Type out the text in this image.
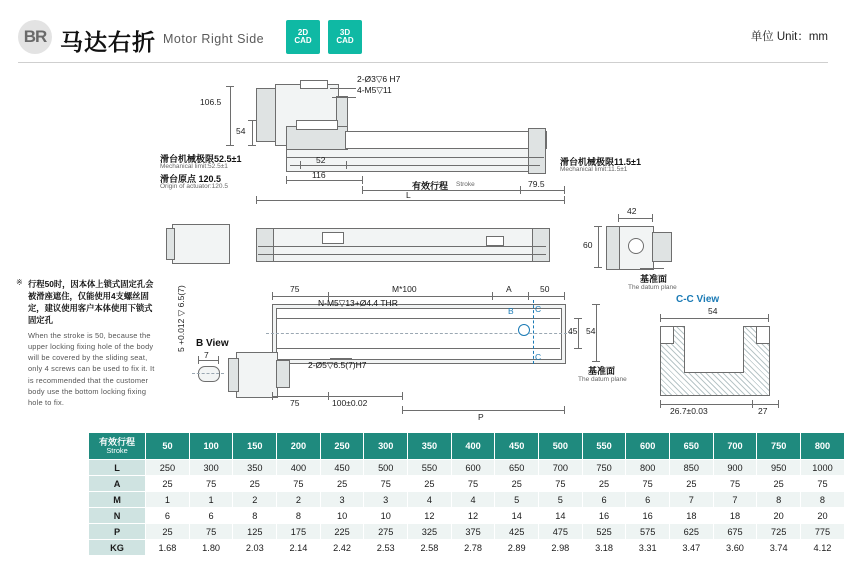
BR 马达右折 Motor Right Side	2D
CAD
3D
CAD	单位 Unit：mm
※ 行程50时，因本体上锁式固定孔会被滑座遮住，仅能使用4支螺丝固定，建议使用客户本体使用下锁式固定孔
When the stroke is 50, because the upper locking fixing hole of the body will be covered by the sliding seat, only 4 screws can be used to fix it. It is recommended that the customer body use the bottom locking fixing hole to fix.
106.5
54
2-Ø3▽6 H7
4-M5▽11
滑台机械极限52.5±1
Mechanical limit:52.5±1
滑台原点 120.5
Origin of actuator:120.5
滑台机械极限11.5±1
Mechanical limit:11.5±1
52
116
有效行程 Stroke	79.5
L
42
60
基准面
The datum plane
75	M*100	A	50
N-M5▽13+Ø4.4 THR
2-Ø5▽6.5(7)H7
B	C
C
45 54
基准面
The datum plane
75	100±0.02
P
B View
7
5 +0.012 ▽ 6.5(7)	C-C View
54
26.7±0.03	27
有效行程
Stroke	50	100	150	200	250	300	350	400	450	500	550	600	650	700	750	800
L	250	300	350	400	450	500	550	600	650	700	750	800	850	900	950	1000
A	25	75	25	75	25	75	25	75	25	75	25	75	25	75	25	75
M	1	1	2	2	3	3	4	4	5	5	6	6	7	7	8	8
N	6	6	8	8	10	10	12	12	14	14	16	16	18	18	20	20
P	25	75	125	175	225	275	325	375	425	475	525	575	625	675	725	775
KG	1.68	1.80	2.03	2.14	2.42	2.53	2.58	2.78	2.89	2.98	3.18	3.31	3.47	3.60	3.74	4.12
